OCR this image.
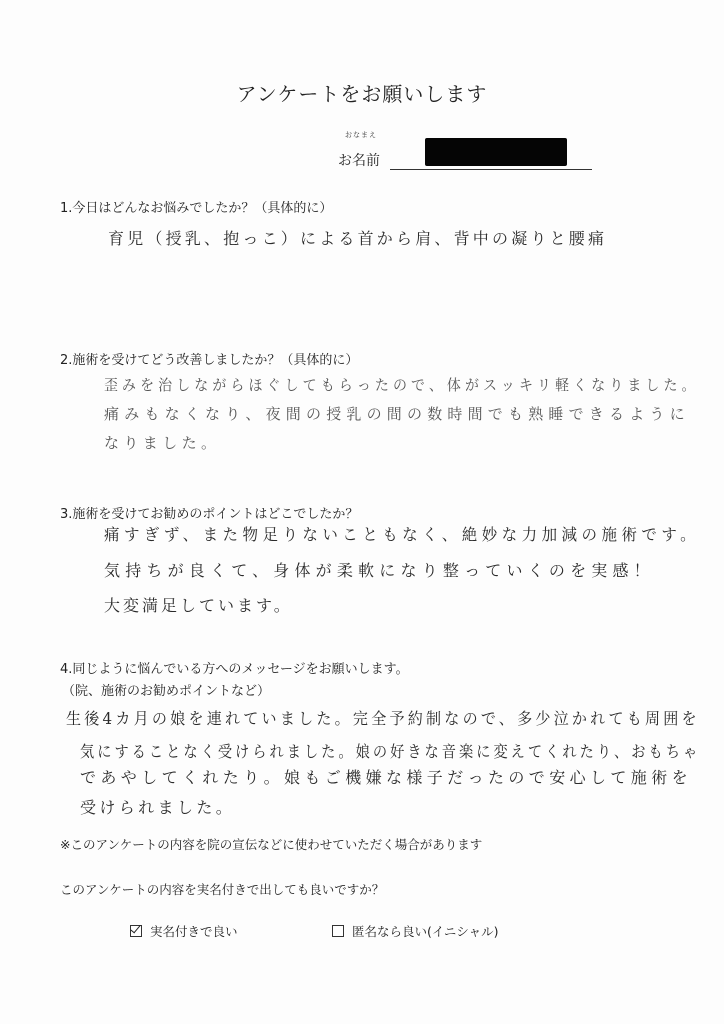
アンケートをお願いします
おなまえ
お名前
1.今日はどんなお悩みでしたか？（具体的に）
育児（授乳、抱っこ）による首から肩、背中の凝りと腰痛
2.施術を受けてどう改善しましたか？（具体的に）
歪みを治しながらほぐしてもらったので、体がスッキリ軽くなりました。
痛みもなくなり、夜間の授乳の間の数時間でも熟睡できるように
なりました。
3.施術を受けてお勧めのポイントはどこでしたか？
痛すぎず、また物足りないこともなく、絶妙な力加減の施術です。
気持ちが良くて、身体が柔軟になり整っていくのを実感！
大変満足しています。
4.同じように悩んでいる方へのメッセージをお願いします。
（院、施術のお勧めポイントなど）
生後4カ月の娘を連れていました。完全予約制なので、多少泣かれても周囲を
気にすることなく受けられました。娘の好きな音楽に変えてくれたり、おもちゃ
であやしてくれたり。娘もご機嫌な様子だったので安心して施術を
受けられました。
※このアンケートの内容を院の宣伝などに使わせていただく場合があります
このアンケートの内容を実名付きで出しても良いですか？
実名付きで良い	匿名なら良い(イニシャル)
